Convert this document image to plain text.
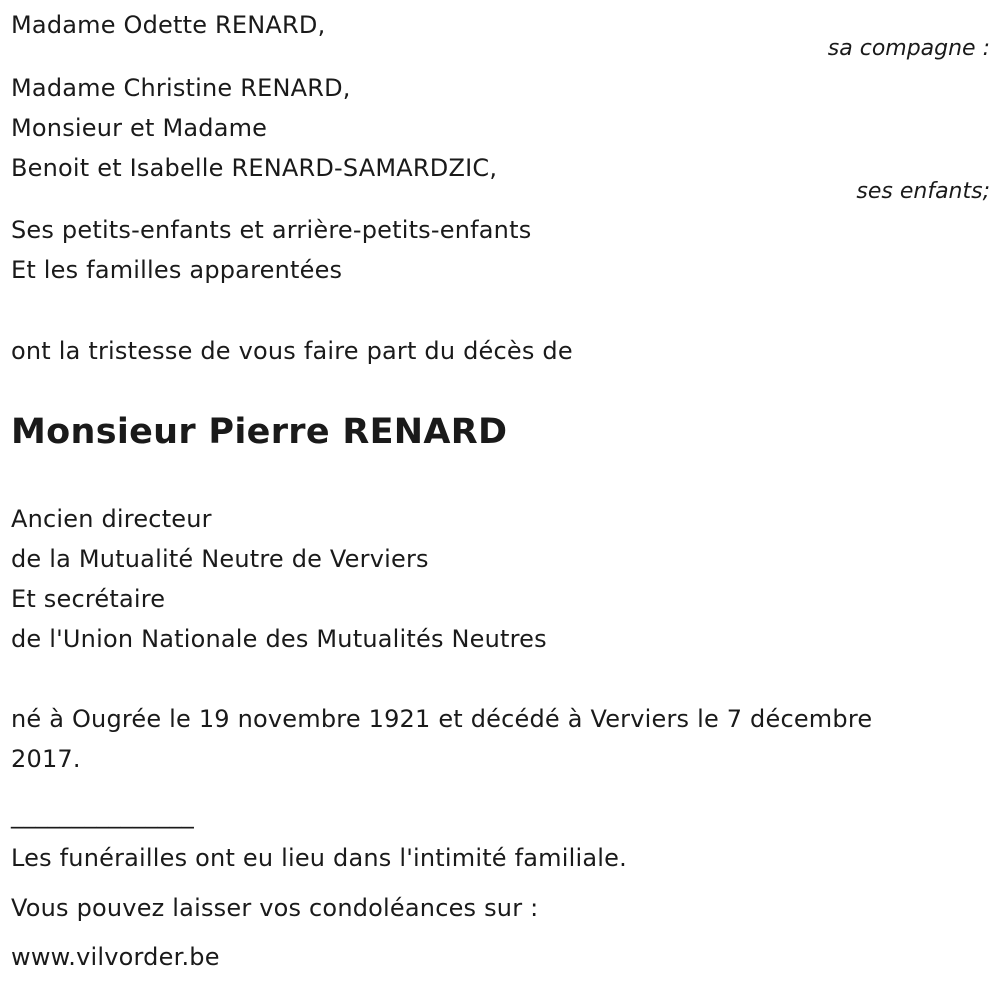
Madame Odette RENARD,
sa compagne :
Madame Christine RENARD,
Monsieur et Madame
Benoit et Isabelle RENARD-SAMARDZIC,
ses enfants;
Ses petits-enfants et arrière-petits-enfants
Et les familles apparentées
ont la tristesse de vous faire part du décès de
Monsieur Pierre RENARD
Ancien directeur
de la Mutualité Neutre de Verviers
Et secrétaire
de l'Union Nationale des Mutualités Neutres
né à Ougrée le 19 novembre 1921 et décédé à Verviers le 7 décembre
2017.
_______________
Les funérailles ont eu lieu dans l'intimité familiale.
Vous pouvez laisser vos condoléances sur :
www.vilvorder.be
